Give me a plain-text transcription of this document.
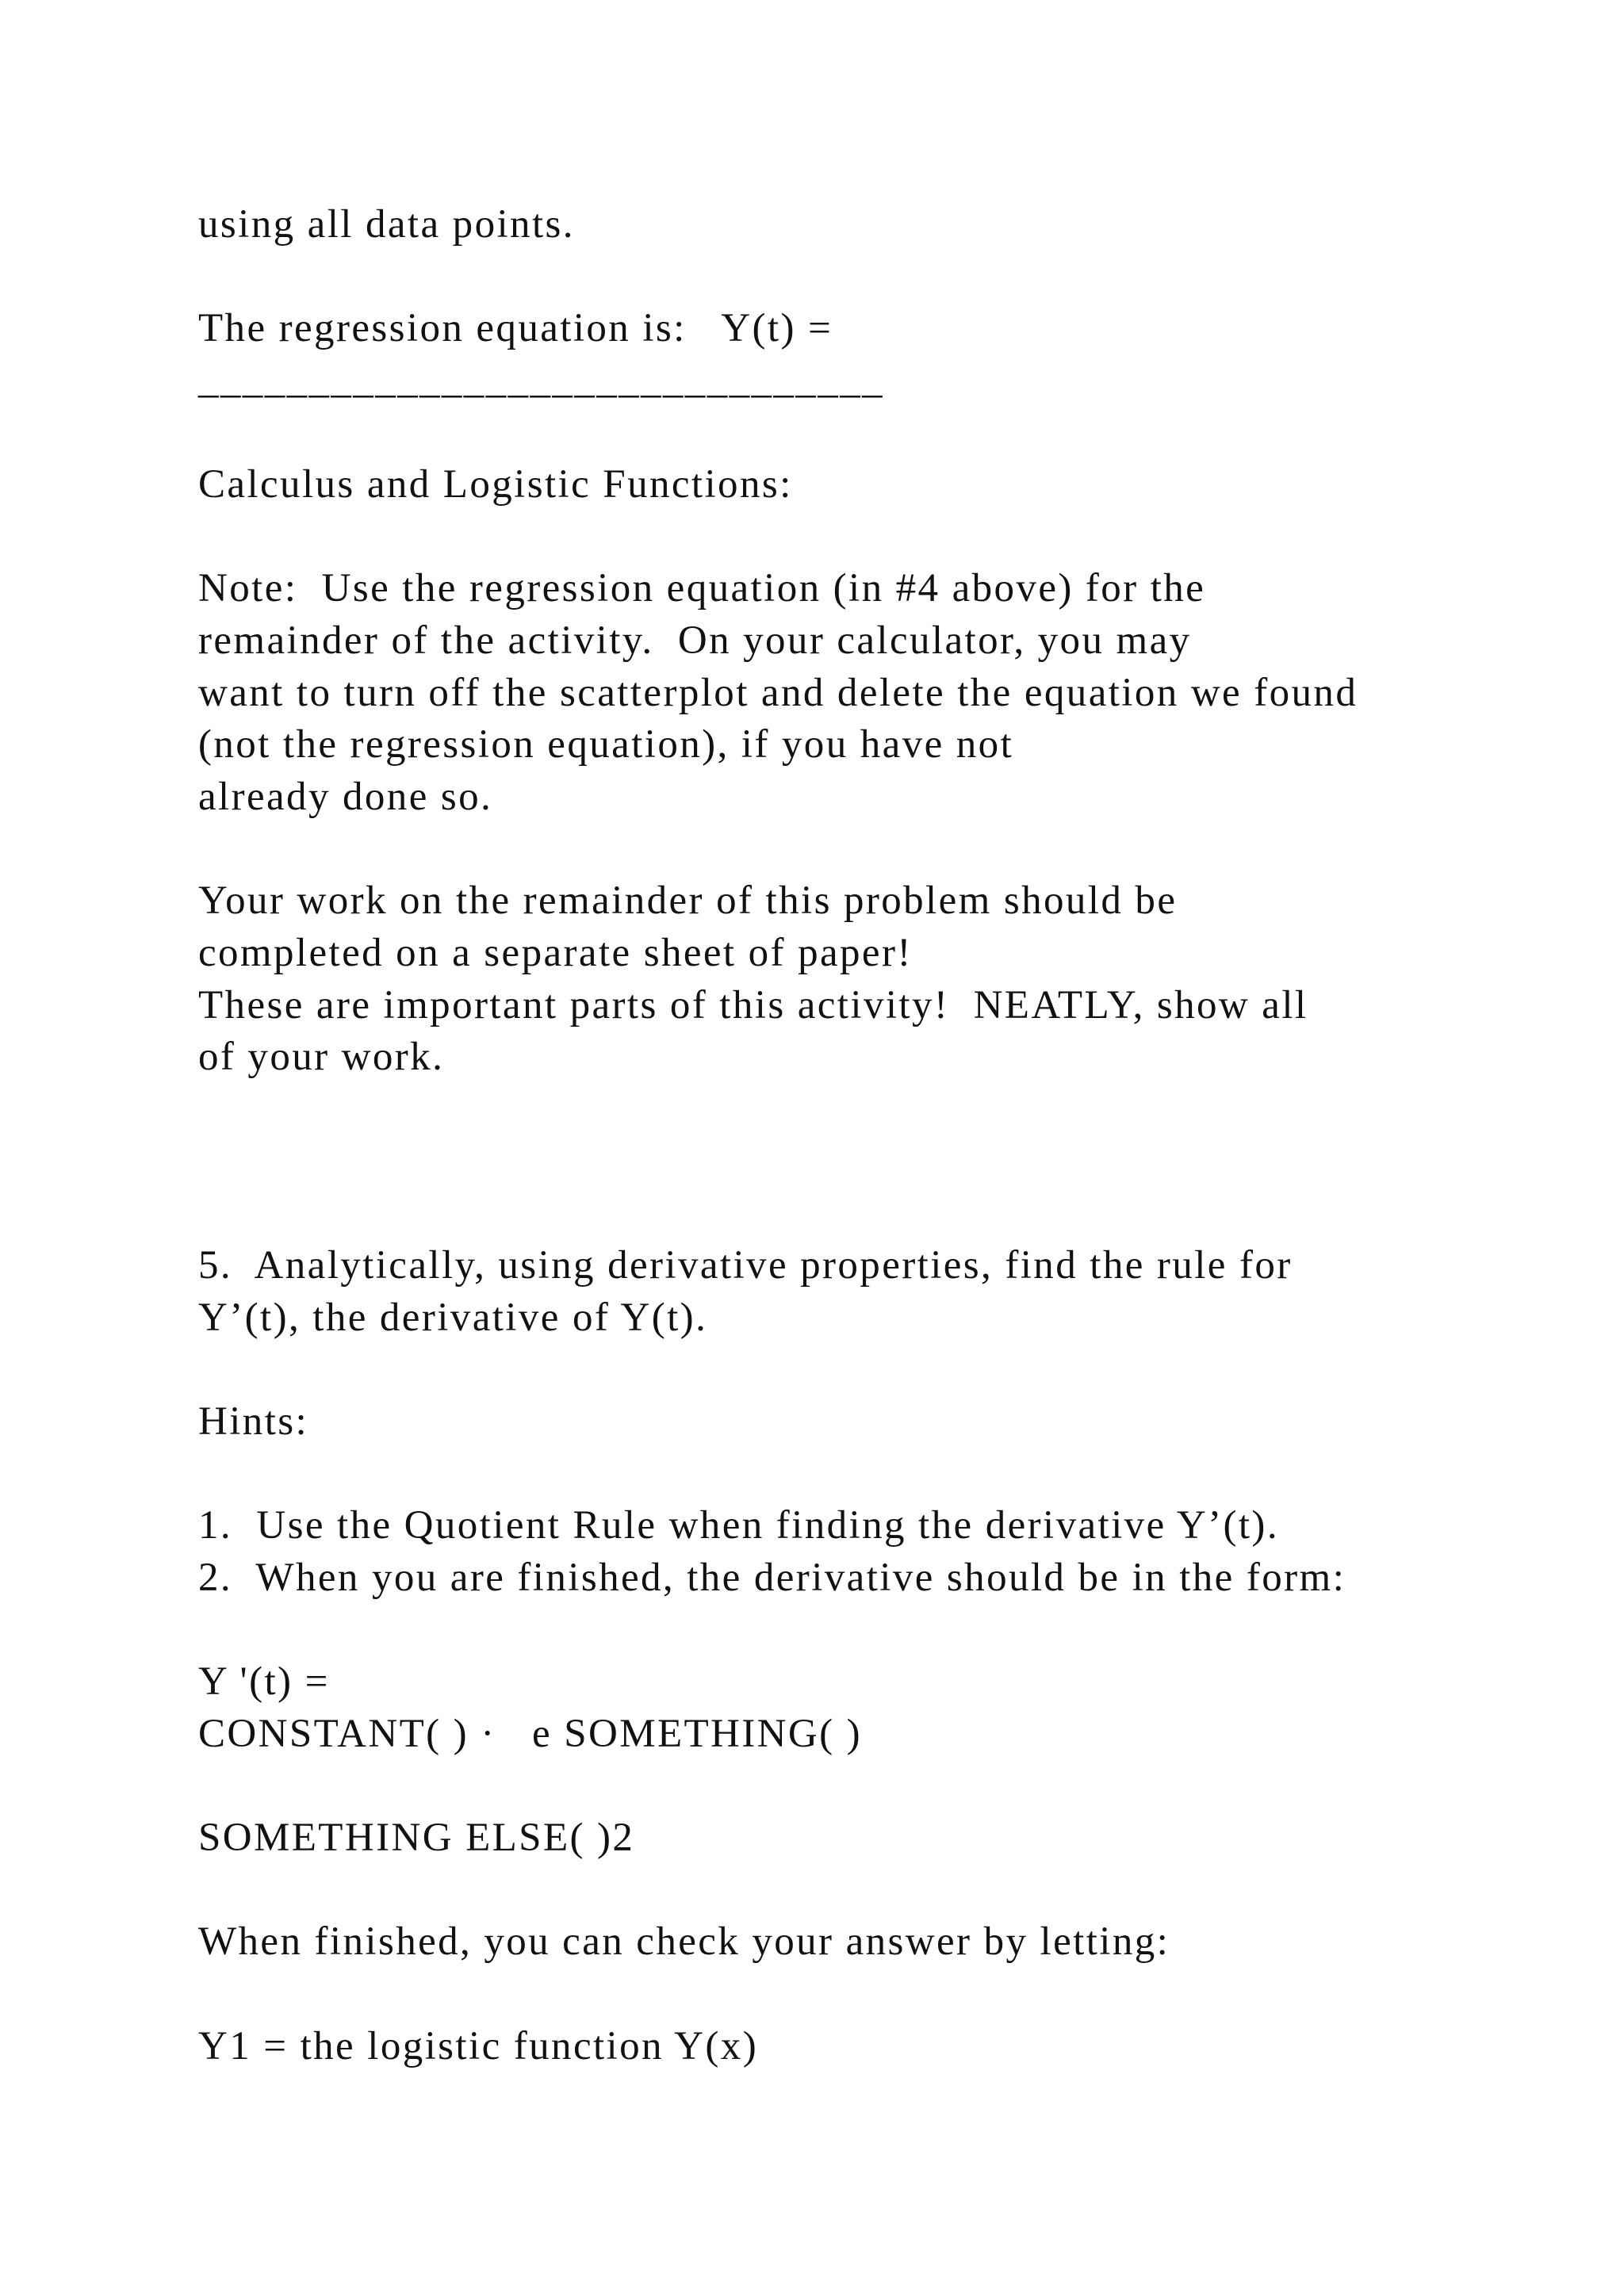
using all data points.
The regression equation is:   Y(t) =
_______________________________
Calculus and Logistic Functions:
Note:  Use the regression equation (in #4 above) for the
remainder of the activity.  On your calculator, you may
want to turn off the scatterplot and delete the equation we found
(not the regression equation), if you have not
already done so.
Your work on the remainder of this problem should be
completed on a separate sheet of paper!
These are important parts of this activity!  NEATLY, show all
of your work.
5.  Analytically, using derivative properties, find the rule for
Y’(t), the derivative of Y(t).
Hints:
1.  Use the Quotient Rule when finding the derivative Y’(t).
2.  When you are finished, the derivative should be in the form:
Y '(t) =
CONSTANT( ) ·   e SOMETHING( )
SOMETHING ELSE( )2
When finished, you can check your answer by letting:
Y1 = the logistic function Y(x)
